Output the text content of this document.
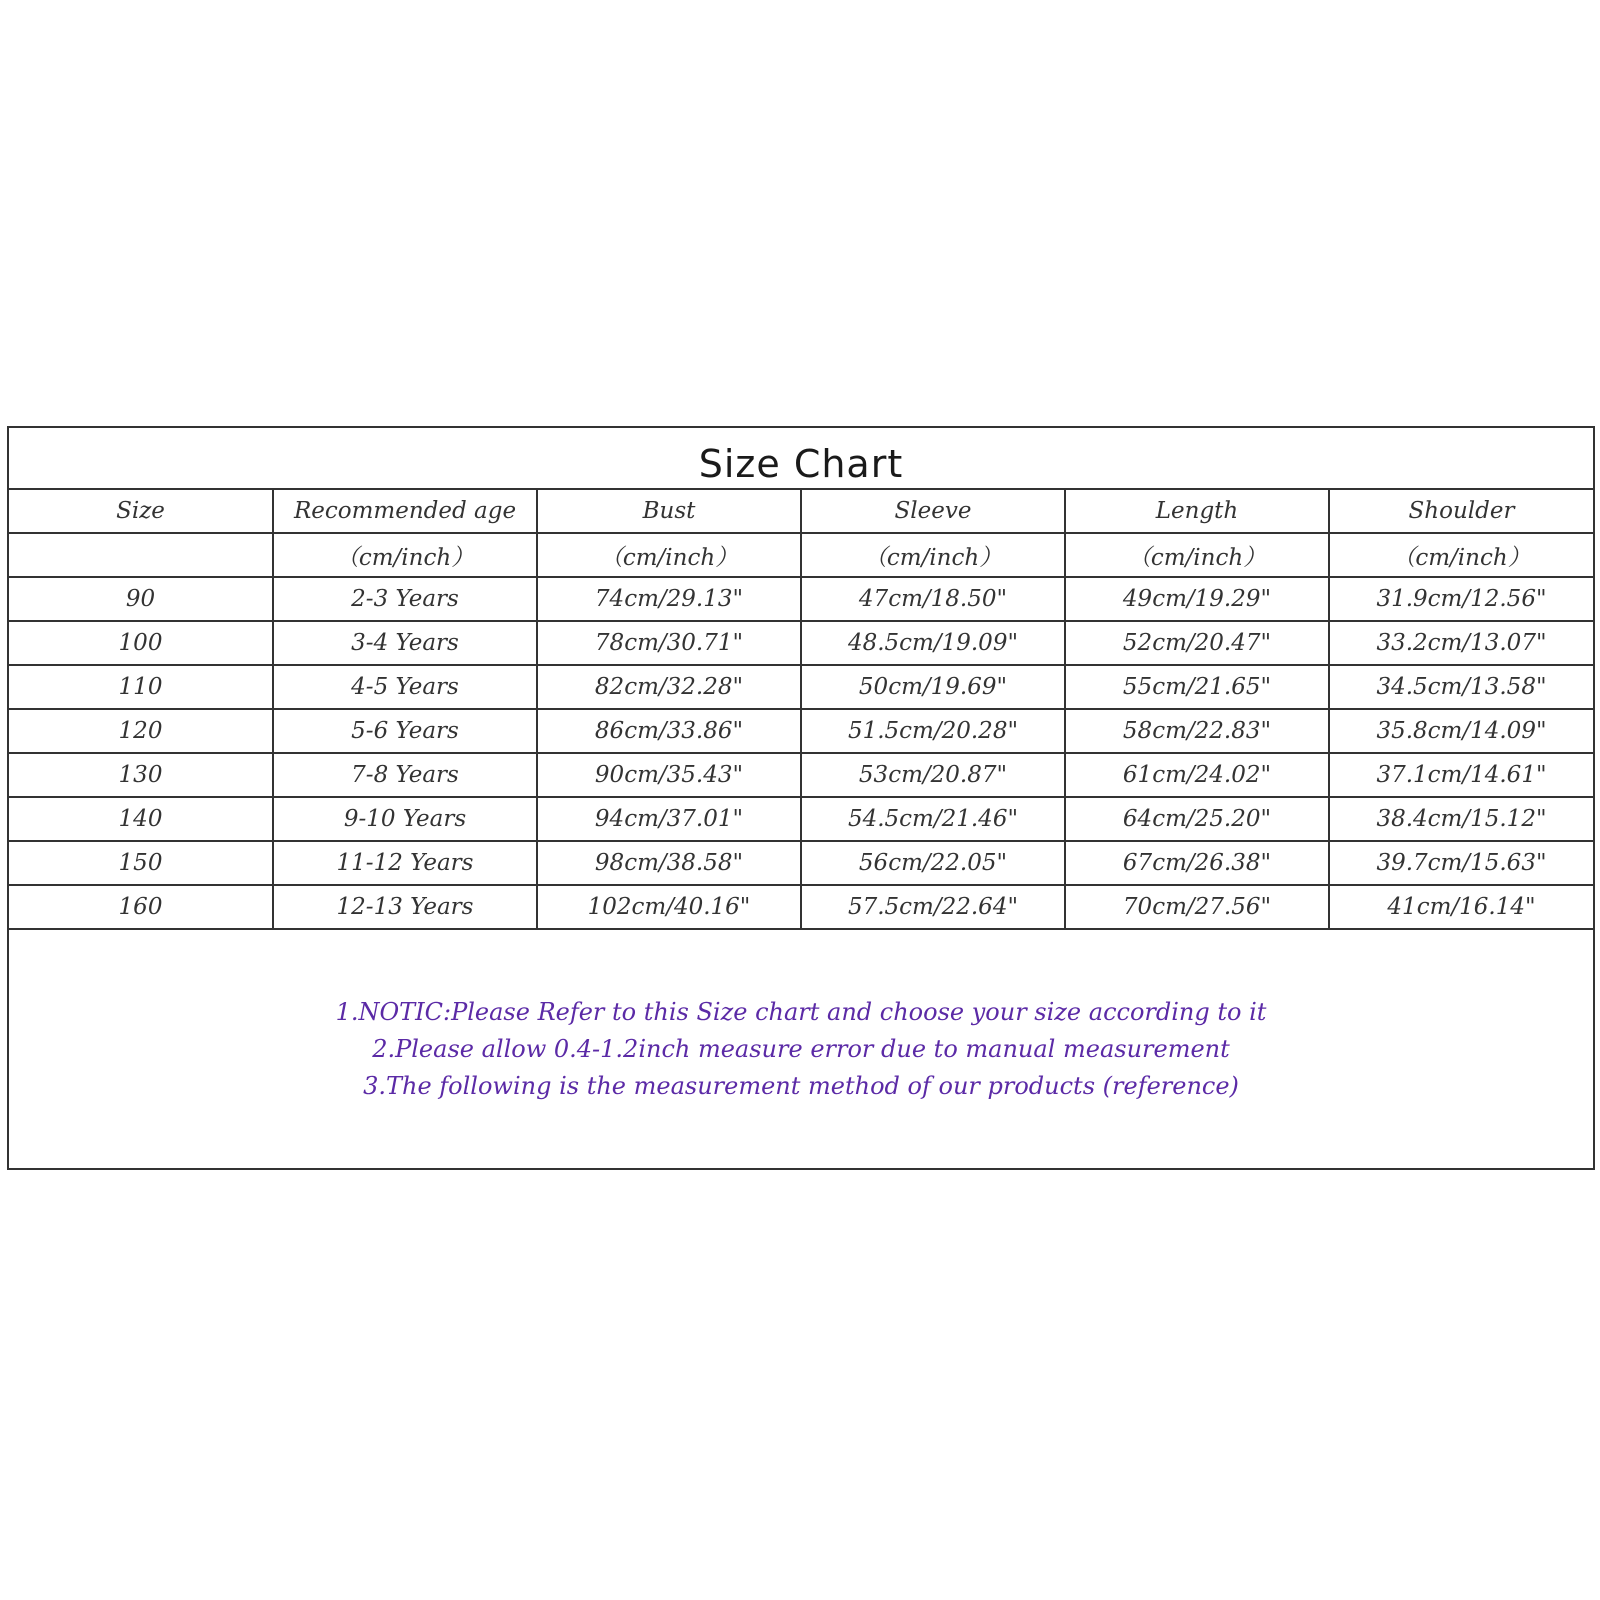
Size Chart
Size	Recommended age	Bust	Sleeve	Length	Shoulder
	（cm/inch）	（cm/inch）	（cm/inch）	（cm/inch）	（cm/inch）
90	2-3 Years	74cm/29.13"	47cm/18.50"	49cm/19.29"	31.9cm/12.56"
100	3-4 Years	78cm/30.71"	48.5cm/19.09"	52cm/20.47"	33.2cm/13.07"
110	4-5 Years	82cm/32.28"	50cm/19.69"	55cm/21.65"	34.5cm/13.58"
120	5-6 Years	86cm/33.86"	51.5cm/20.28"	58cm/22.83"	35.8cm/14.09"
130	7-8 Years	90cm/35.43"	53cm/20.87"	61cm/24.02"	37.1cm/14.61"
140	9-10 Years	94cm/37.01"	54.5cm/21.46"	64cm/25.20"	38.4cm/15.12"
150	11-12 Years	98cm/38.58"	56cm/22.05"	67cm/26.38"	39.7cm/15.63"
160	12-13 Years	102cm/40.16"	57.5cm/22.64"	70cm/27.56"	41cm/16.14"
1.NOTIC:Please Refer to this Size chart and choose your size according to it
2.Please allow 0.4-1.2inch measure error due to manual measurement
3.The following is the measurement method of our products (reference)
